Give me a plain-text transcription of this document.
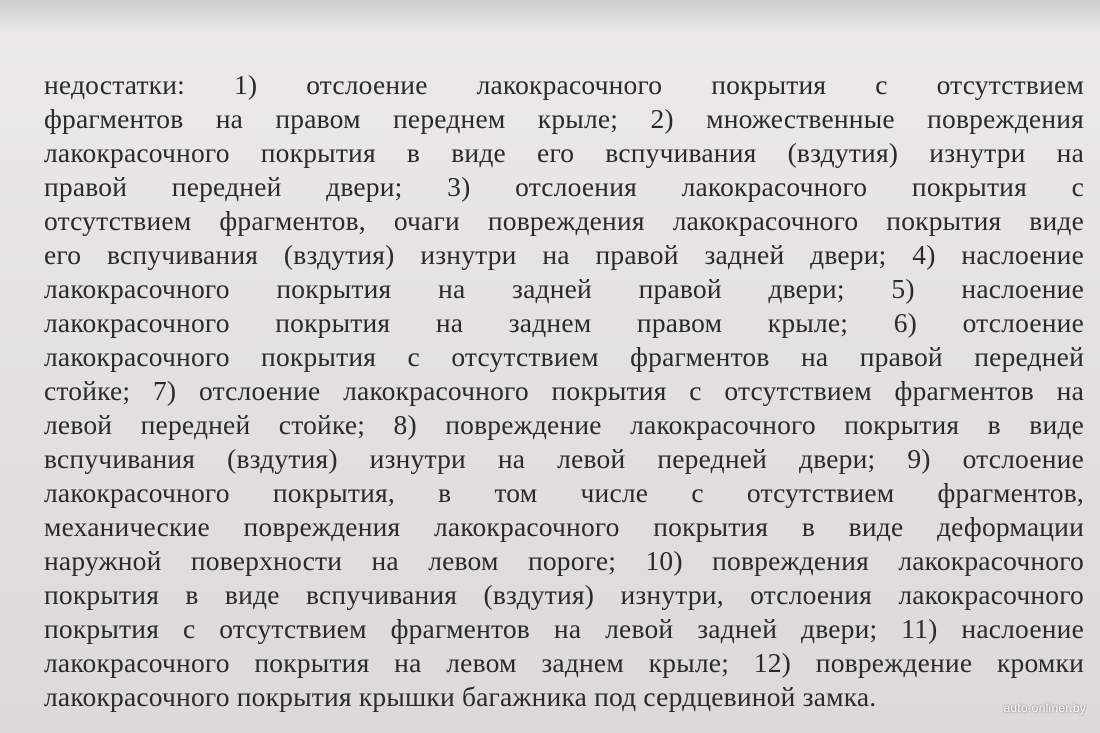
недостатки: 1) отслоение лакокрасочного покрытия с отсутствием
фрагментов на правом переднем крыле; 2) множественные повреждения
лакокрасочного покрытия в виде его вспучивания (вздутия) изнутри на
правой передней двери; 3) отслоения лакокрасочного покрытия с
отсутствием фрагментов, очаги повреждения лакокрасочного покрытия виде
его вспучивания (вздутия) изнутри на правой задней двери; 4) наслоение
лакокрасочного покрытия на задней правой двери; 5) наслоение
лакокрасочного покрытия на заднем правом крыле; 6) отслоение
лакокрасочного покрытия с отсутствием фрагментов на правой передней
стойке; 7) отслоение лакокрасочного покрытия с отсутствием фрагментов на
левой передней стойке; 8) повреждение лакокрасочного покрытия в виде
вспучивания (вздутия) изнутри на левой передней двери; 9) отслоение
лакокрасочного покрытия, в том числе с отсутствием фрагментов,
механические повреждения лакокрасочного покрытия в виде деформации
наружной поверхности на левом пороге; 10) повреждения лакокрасочного
покрытия в виде вспучивания (вздутия) изнутри, отслоения лакокрасочного
покрытия с отсутствием фрагментов на левой задней двери; 11) наслоение
лакокрасочного покрытия на левом заднем крыле; 12) повреждение кромки
лакокрасочного покрытия крышки багажника под сердцевиной замка.	auto.onliner.by
